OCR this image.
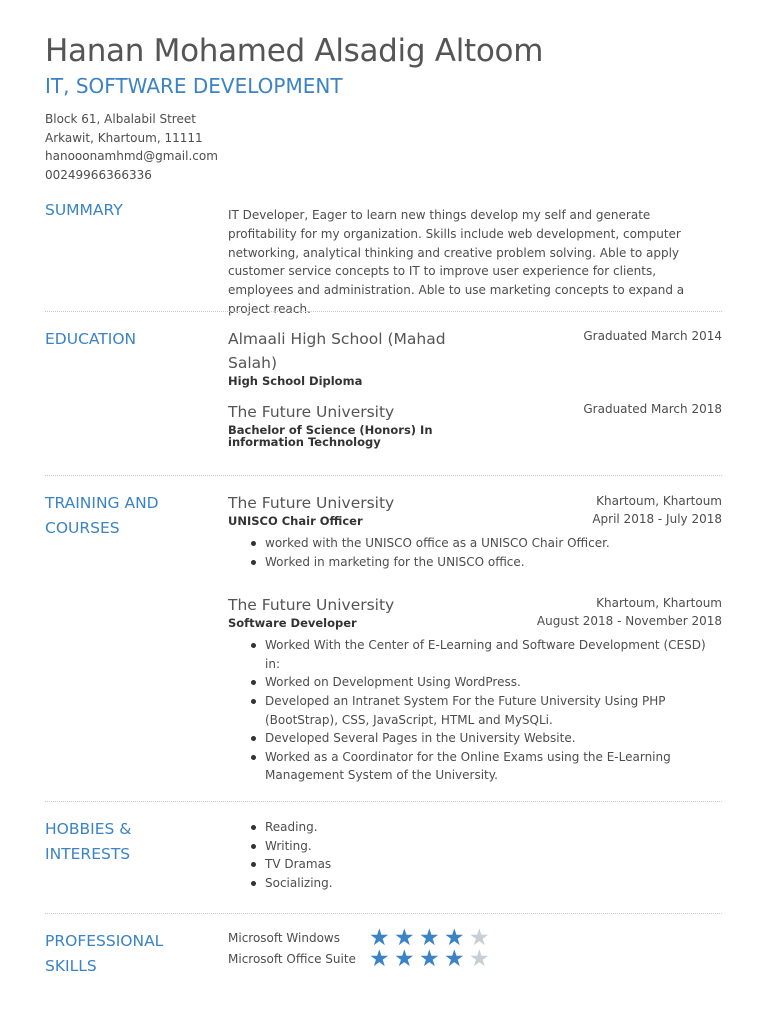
Hanan Mohamed Alsadig Altoom
IT, SOFTWARE DEVELOPMENT
Block 61, Albalabil Street
Arkawit, Khartoum, 11111
hanooonamhmd@gmail.com
00249966366336
SUMMARY	IT Developer, Eager to learn new things develop my self and generate profitability for my organization. Skills include web development, computer networking, analytical thinking and creative problem solving. Able to apply customer service concepts to IT to improve user experience for clients, employees and administration. Able to use marketing concepts to expand a project reach.
EDUCATION	Almaali High School (Mahad Salah)
High School Diploma
Graduated March 2014
The Future University
Bachelor of Science (Honors) In information Technology
Graduated March 2018
TRAINING AND COURSES
The Future University
UNISCO Chair Officer
Khartoum, Khartoum
April 2018 - July 2018
worked with the UNISCO office as a UNISCO Chair Officer.
Worked in marketing for the UNISCO office.
The Future University
Software Developer
Khartoum, Khartoum
August 2018 - November 2018
Worked With the Center of E-Learning and Software Development (CESD) in:
Worked on Development Using WordPress.
Developed an Intranet System For the Future University Using PHP (BootStrap), CSS, JavaScript, HTML and MySQLi.
Developed Several Pages in the University Website.
Worked as a Coordinator for the Online Exams using the E-Learning Management System of the University.
HOBBIES & INTERESTS
Reading.
Writing.
TV Dramas
Socializing.
PROFESSIONAL SKILLS
Microsoft Windows ★ ★ ★ ★ ★
Microsoft Office Suite ★ ★ ★ ★ ★
